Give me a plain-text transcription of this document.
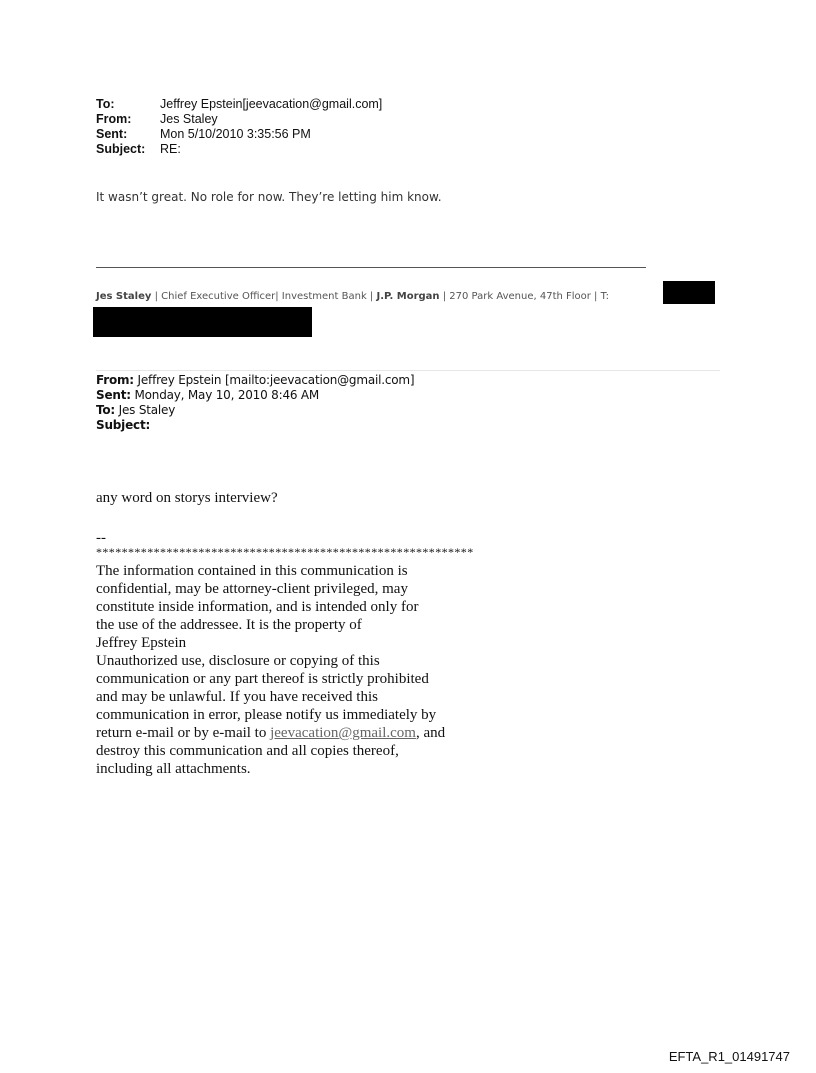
To:	Jeffrey Epstein[jeevacation@gmail.com]
From:	Jes Staley
Sent:	Mon 5/10/2010 3:35:56 PM
Subject:	RE:
It wasn’t great. No role for now. They’re letting him know.
Jes Staley | Chief Executive Officer| Investment Bank | J.P. Morgan | 270 Park Avenue, 47th Floor | T:
From: Jeffrey Epstein [mailto:jeevacation@gmail.com]
Sent: Monday, May 10, 2010 8:46 AM
To: Jes Staley
Subject:
any word on storys interview?
--
***********************************************************
The information contained in this communication is
confidential, may be attorney-client privileged, may
constitute inside information, and is intended only for
the use of the addressee. It is the property of
Jeffrey Epstein
Unauthorized use, disclosure or copying of this
communication or any part thereof is strictly prohibited
and may be unlawful. If you have received this
communication in error, please notify us immediately by
return e-mail or by e-mail to jeevacation@gmail.com, and
destroy this communication and all copies thereof,
including all attachments.
EFTA_R1_01491747
